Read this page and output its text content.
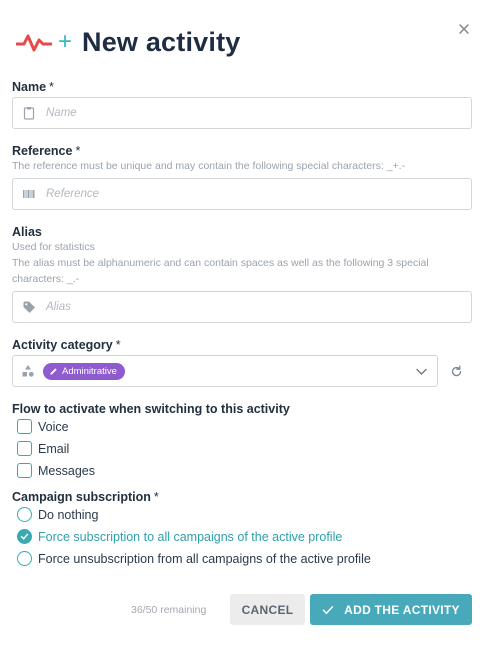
+ New activity
Name *
Name
Reference *
The reference must be unique and may contain the following special characters: _+.-
Reference
Alias
Used for statistics
The alias must be alphanumeric and can contain spaces as well as the following 3 special characters: _.-
Alias
Activity category *
Adminitrative
Flow to activate when switching to this activity
Voice
Email
Messages
Campaign subscription *
Do nothing
Force subscription to all campaigns of the active profile
Force unsubscription from all campaigns of the active profile
36/50 remaining	CANCEL	ADD THE ACTIVITY
